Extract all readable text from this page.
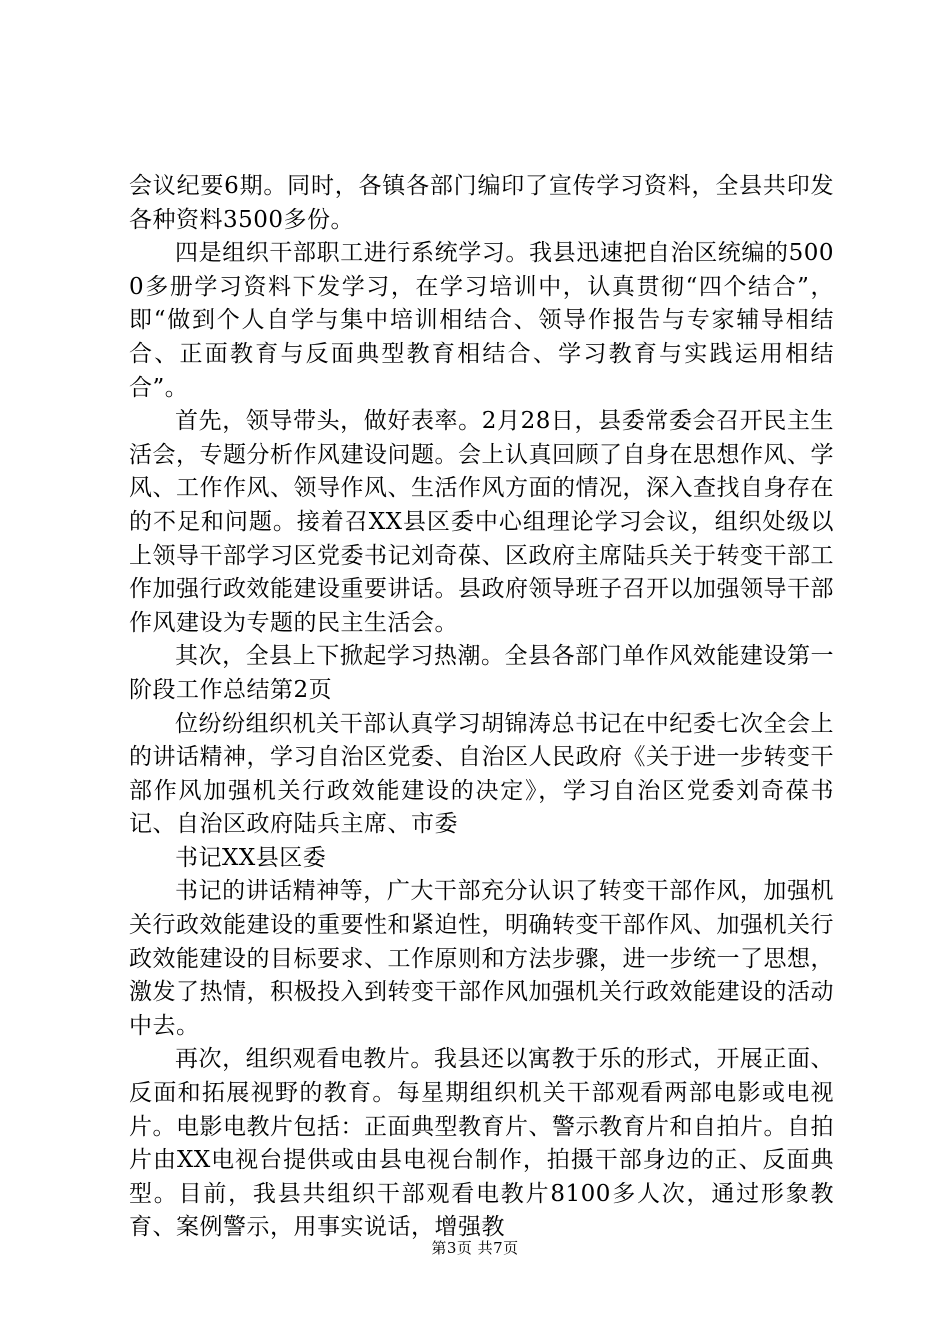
会议纪要6期。同时，各镇各部门编印了宣传学习资料，全县共印发各种资料3500多份。

四是组织干部职工进行系统学习。我县迅速把自治区统编的5000多册学习资料下发学习，在学习培训中，认真贯彻“四个结合”，即“做到个人自学与集中培训相结合、领导作报告与专家辅导相结合、正面教育与反面典型教育相结合、学习教育与实践运用相结合”。

首先，领导带头，做好表率。2月28日，县委常委会召开民主生活会，专题分析作风建设问题。会上认真回顾了自身在思想作风、学风、工作作风、领导作风、生活作风方面的情况，深入查找自身存在的不足和问题。接着召XX县区委中心组理论学习会议，组织处级以上领导干部学习区党委书记刘奇葆、区政府主席陆兵关于转变干部工作加强行政效能建设重要讲话。县政府领导班子召开以加强领导干部作风建设为专题的民主生活会。

其次，全县上下掀起学习热潮。全县各部门单作风效能建设第一阶段工作总结第2页

位纷纷组织机关干部认真学习胡锦涛总书记在中纪委七次全会上的讲话精神，学习自治区党委、自治区人民政府《关于进一步转变干部作风加强机关行政效能建设的决定》，学习自治区党委刘奇葆书记、自治区政府陆兵主席、市委

书记XX县区委

书记的讲话精神等，广大干部充分认识了转变干部作风，加强机关行政效能建设的重要性和紧迫性，明确转变干部作风、加强机关行政效能建设的目标要求、工作原则和方法步骤，进一步统一了思想，激发了热情，积极投入到转变干部作风加强机关行政效能建设的活动中去。

再次，组织观看电教片。我县还以寓教于乐的形式，开展正面、反面和拓展视野的教育。每星期组织机关干部观看两部电影或电视片。电影电教片包括：正面典型教育片、警示教育片和自拍片。自拍片由XX电视台提供或由县电视台制作，拍摄干部身边的正、反面典型。目前，我县共组织干部观看电教片8100多人次，通过形象教育、案例警示，用事实说话，增强教

第3页 共7页
